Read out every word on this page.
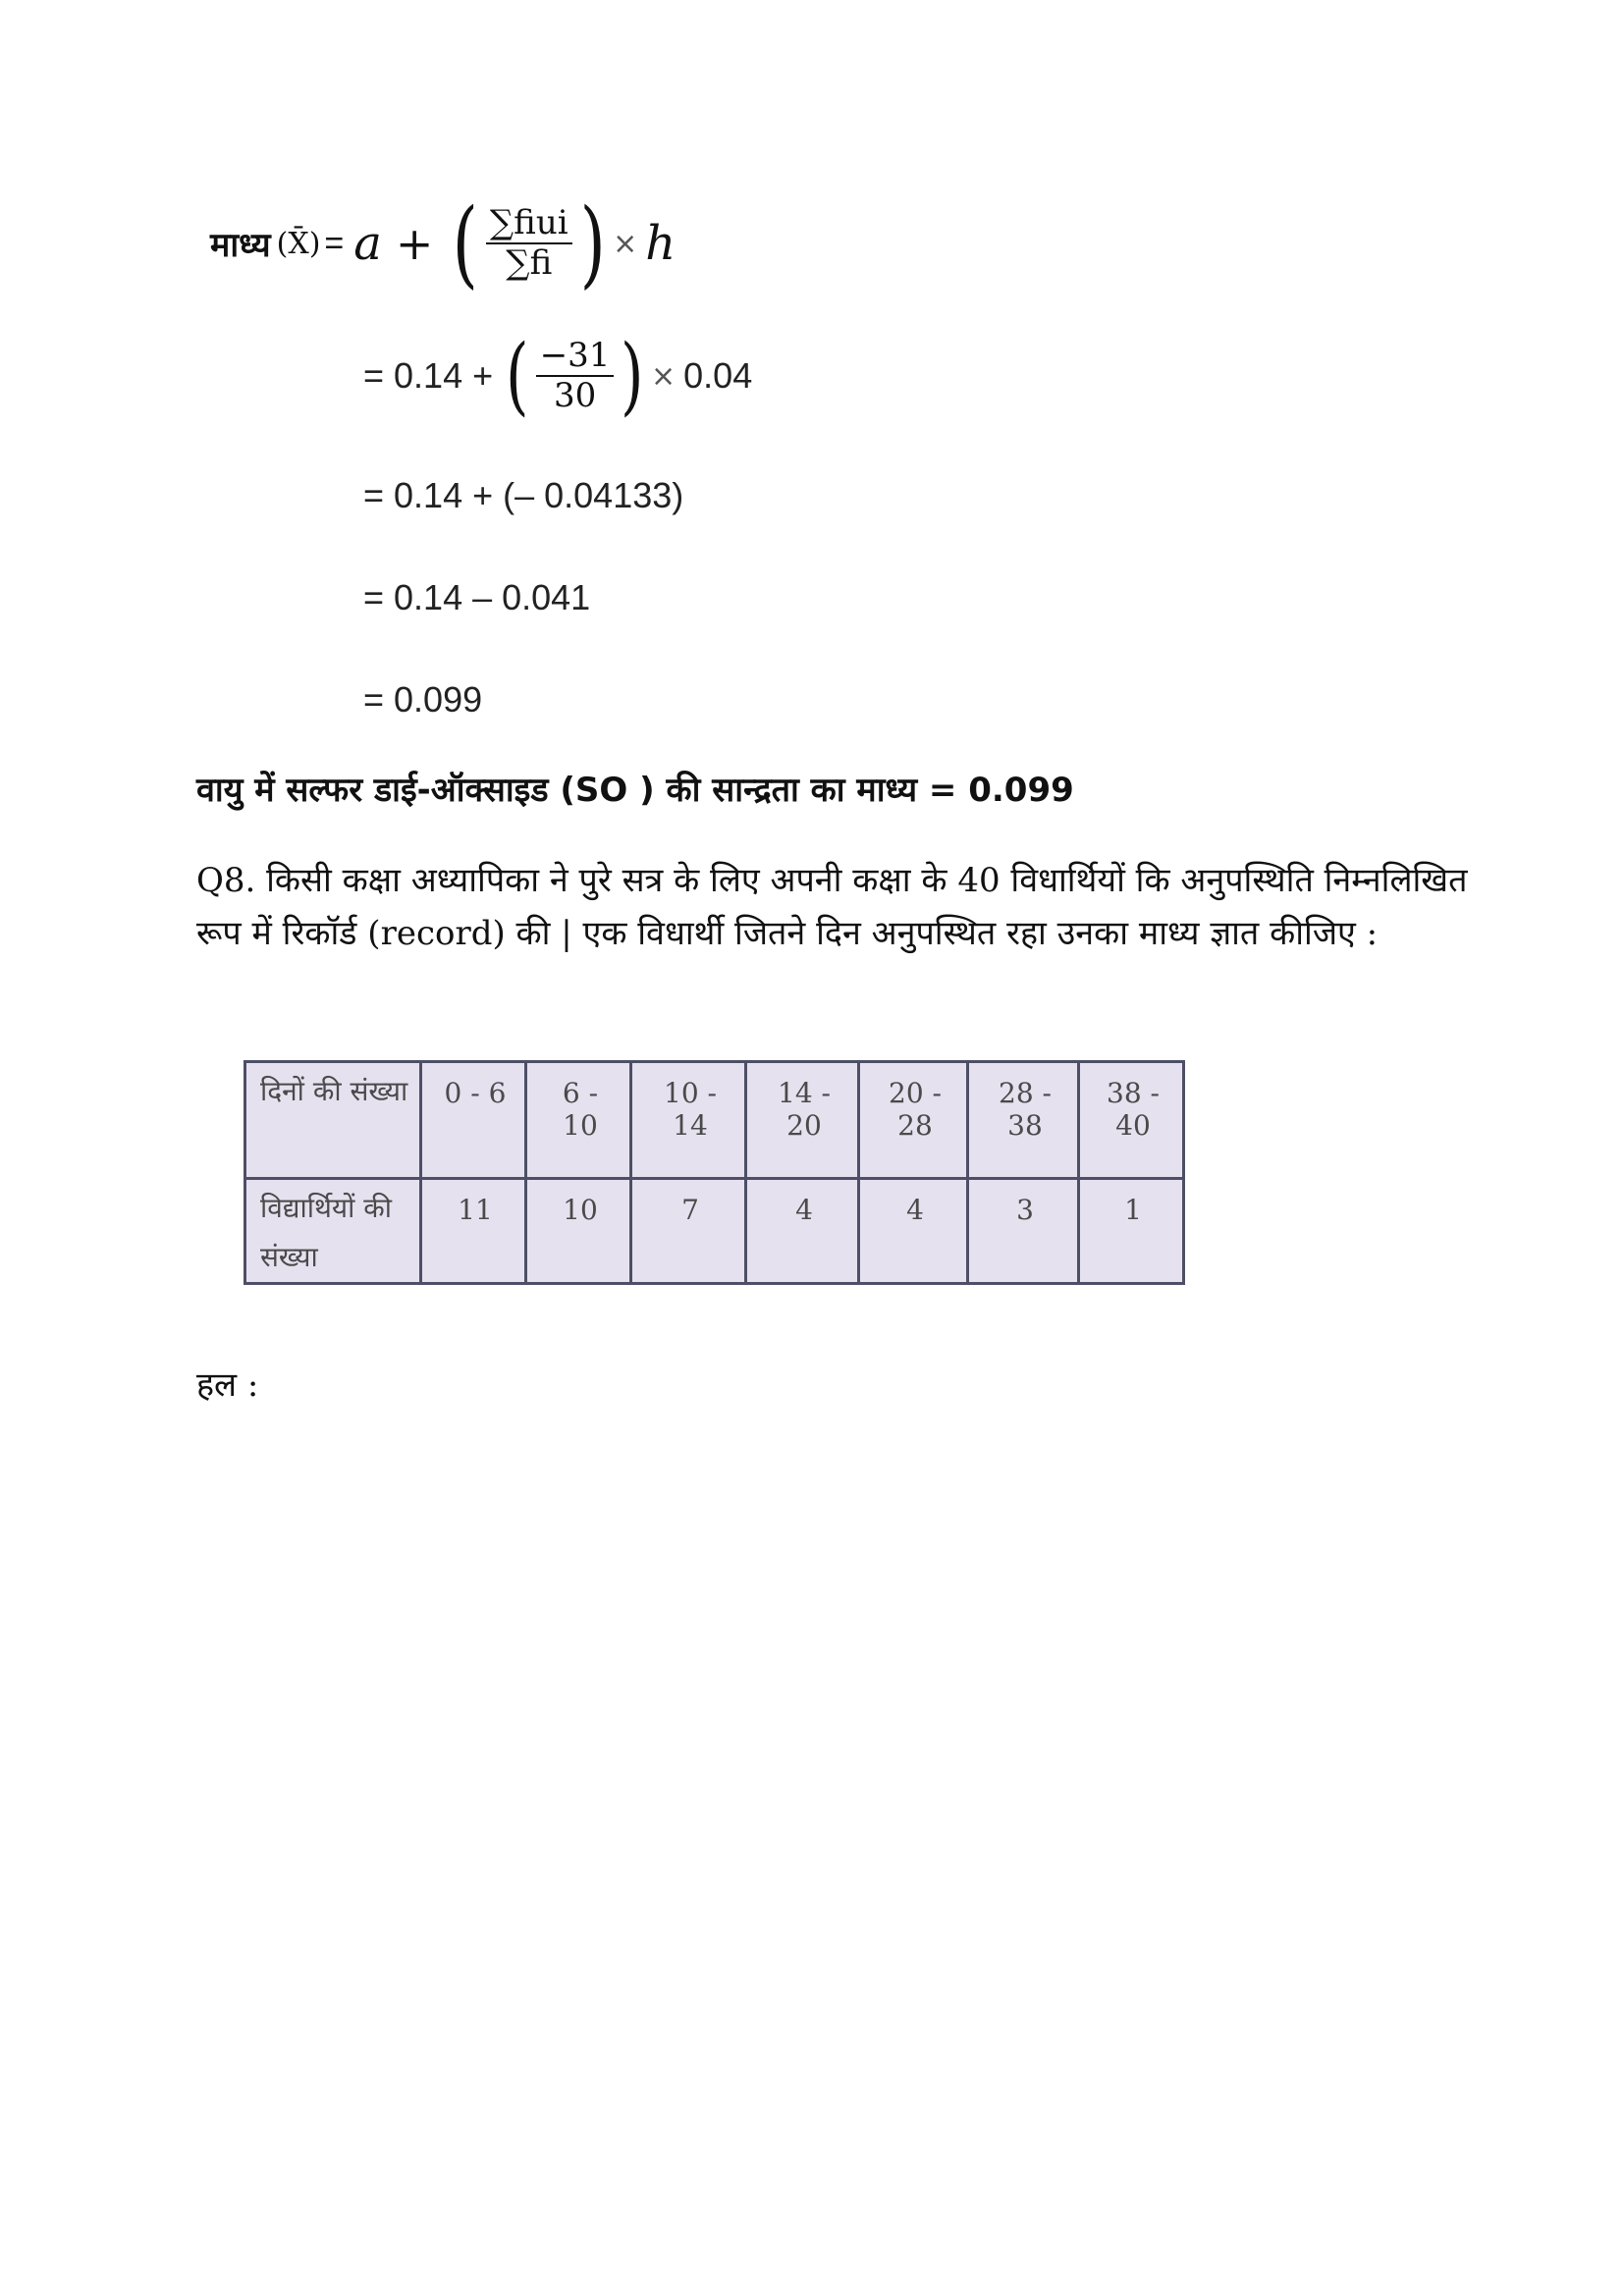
माध्य (X̄) = a + ( $\frac{\text{∑fiui}}{\sum fi}$ ) × h
= 0.14 + ( $\frac{-31}{30}$ ) × 0.04
= 0.14 + (– 0.04133)
= 0.14 – 0.041
= 0.099
वायु में सल्फर डाई-ऑक्साइड (SO ) की सान्द्रता का माध्य = 0.099
Q8. किसी कक्षा अध्यापिका ने पुरे सत्र के लिए अपनी कक्षा के 40 विधार्थियों कि अनुपस्थिति निम्नलिखित रूप में रिकॉर्ड (record) की | एक विधार्थी जितने दिन अनुपस्थित रहा उनका माध्य ज्ञात कीजिए :
दिनों की संख्या	0 - 6	6 - 10	10 - 14	14 - 20	20 - 28	28 - 38	38 - 40
विद्यार्थियों की संख्या	11	10	7	4	4	3	1
हल :
